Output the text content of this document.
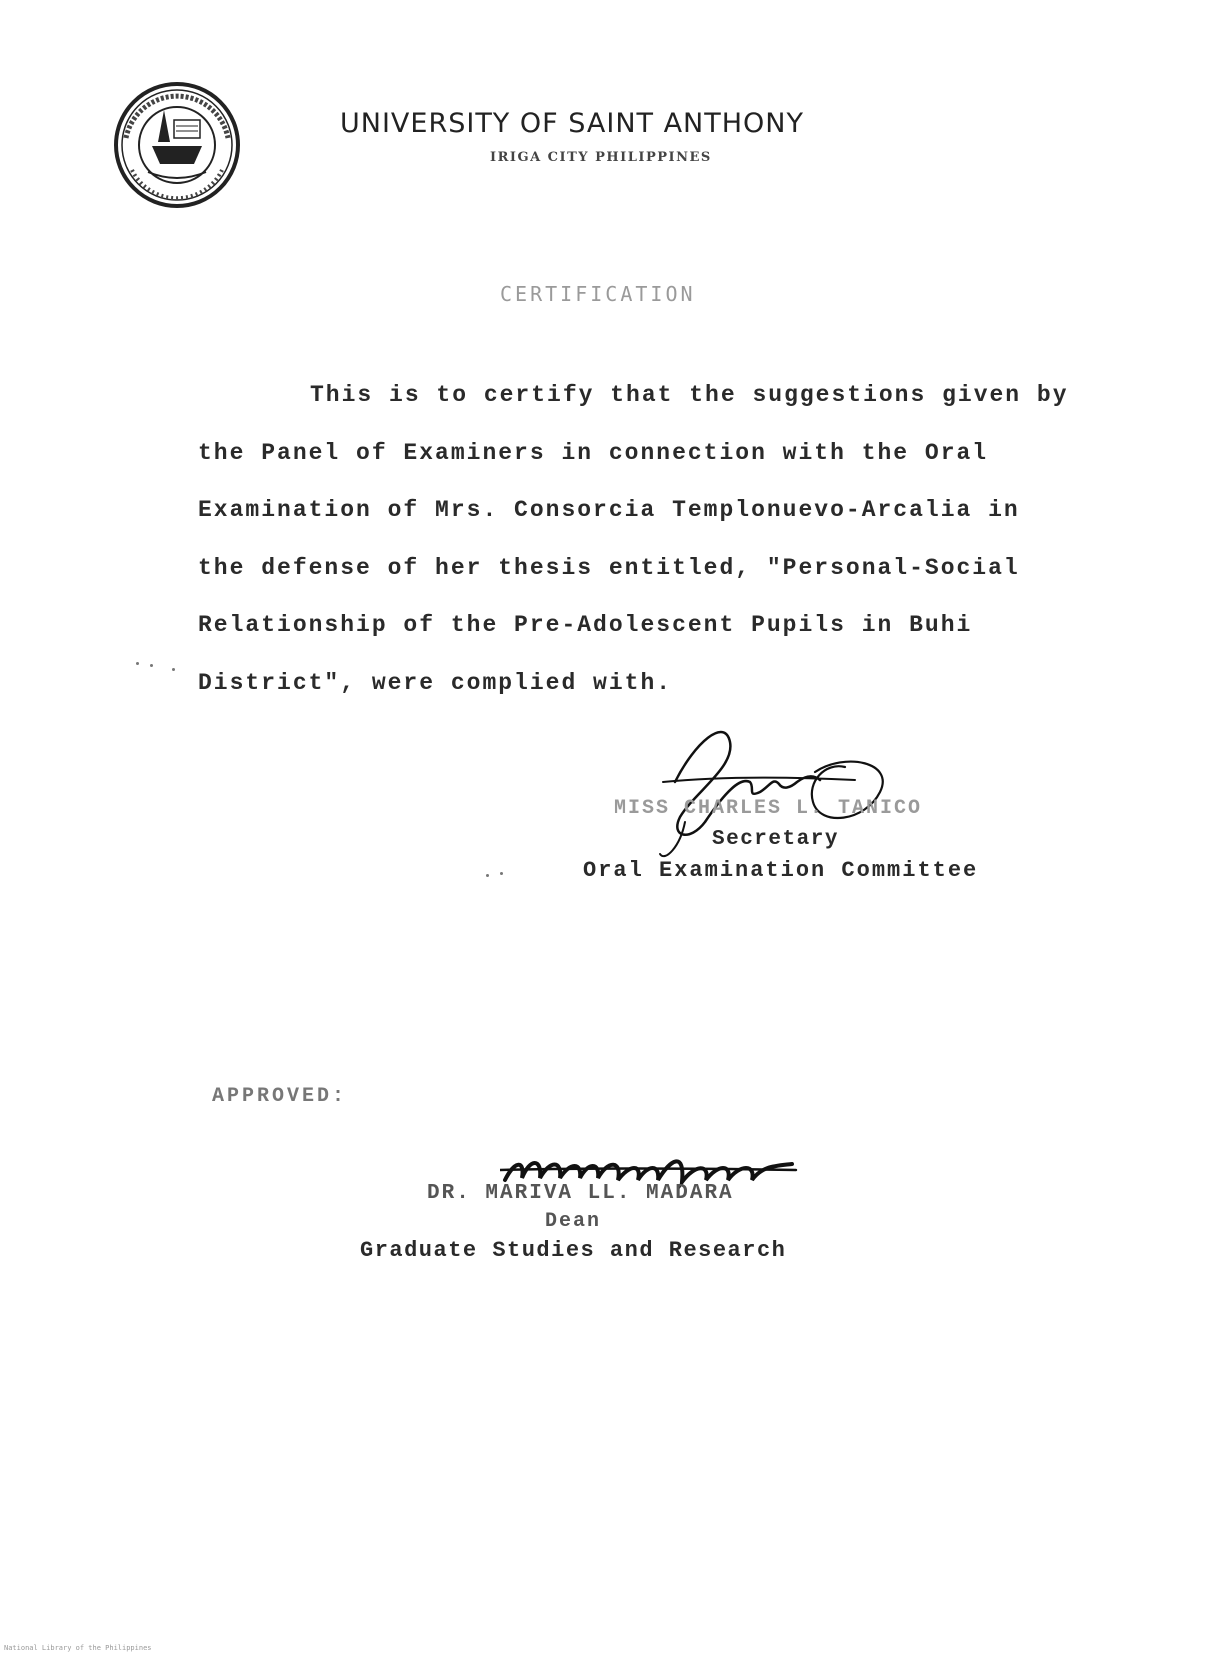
UNIVERSITY OF SAINT ANTHONY
IRIGA CITY PHILIPPINES
CERTIFICATION
This is to certify that the suggestions given by
the Panel of Examiners in connection with the Oral
Examination of Mrs. Consorcia Templonuevo-Arcalia in
the defense of her thesis entitled, "Personal-Social
Relationship of the Pre-Adolescent Pupils in Buhi
District", were complied with.
MISS CHARLES L. TANICO
Secretary
Oral Examination Committee
APPROVED:
DR. MARIVA LL. MADARA
Dean
Graduate Studies and Research
National Library of the Philippines
